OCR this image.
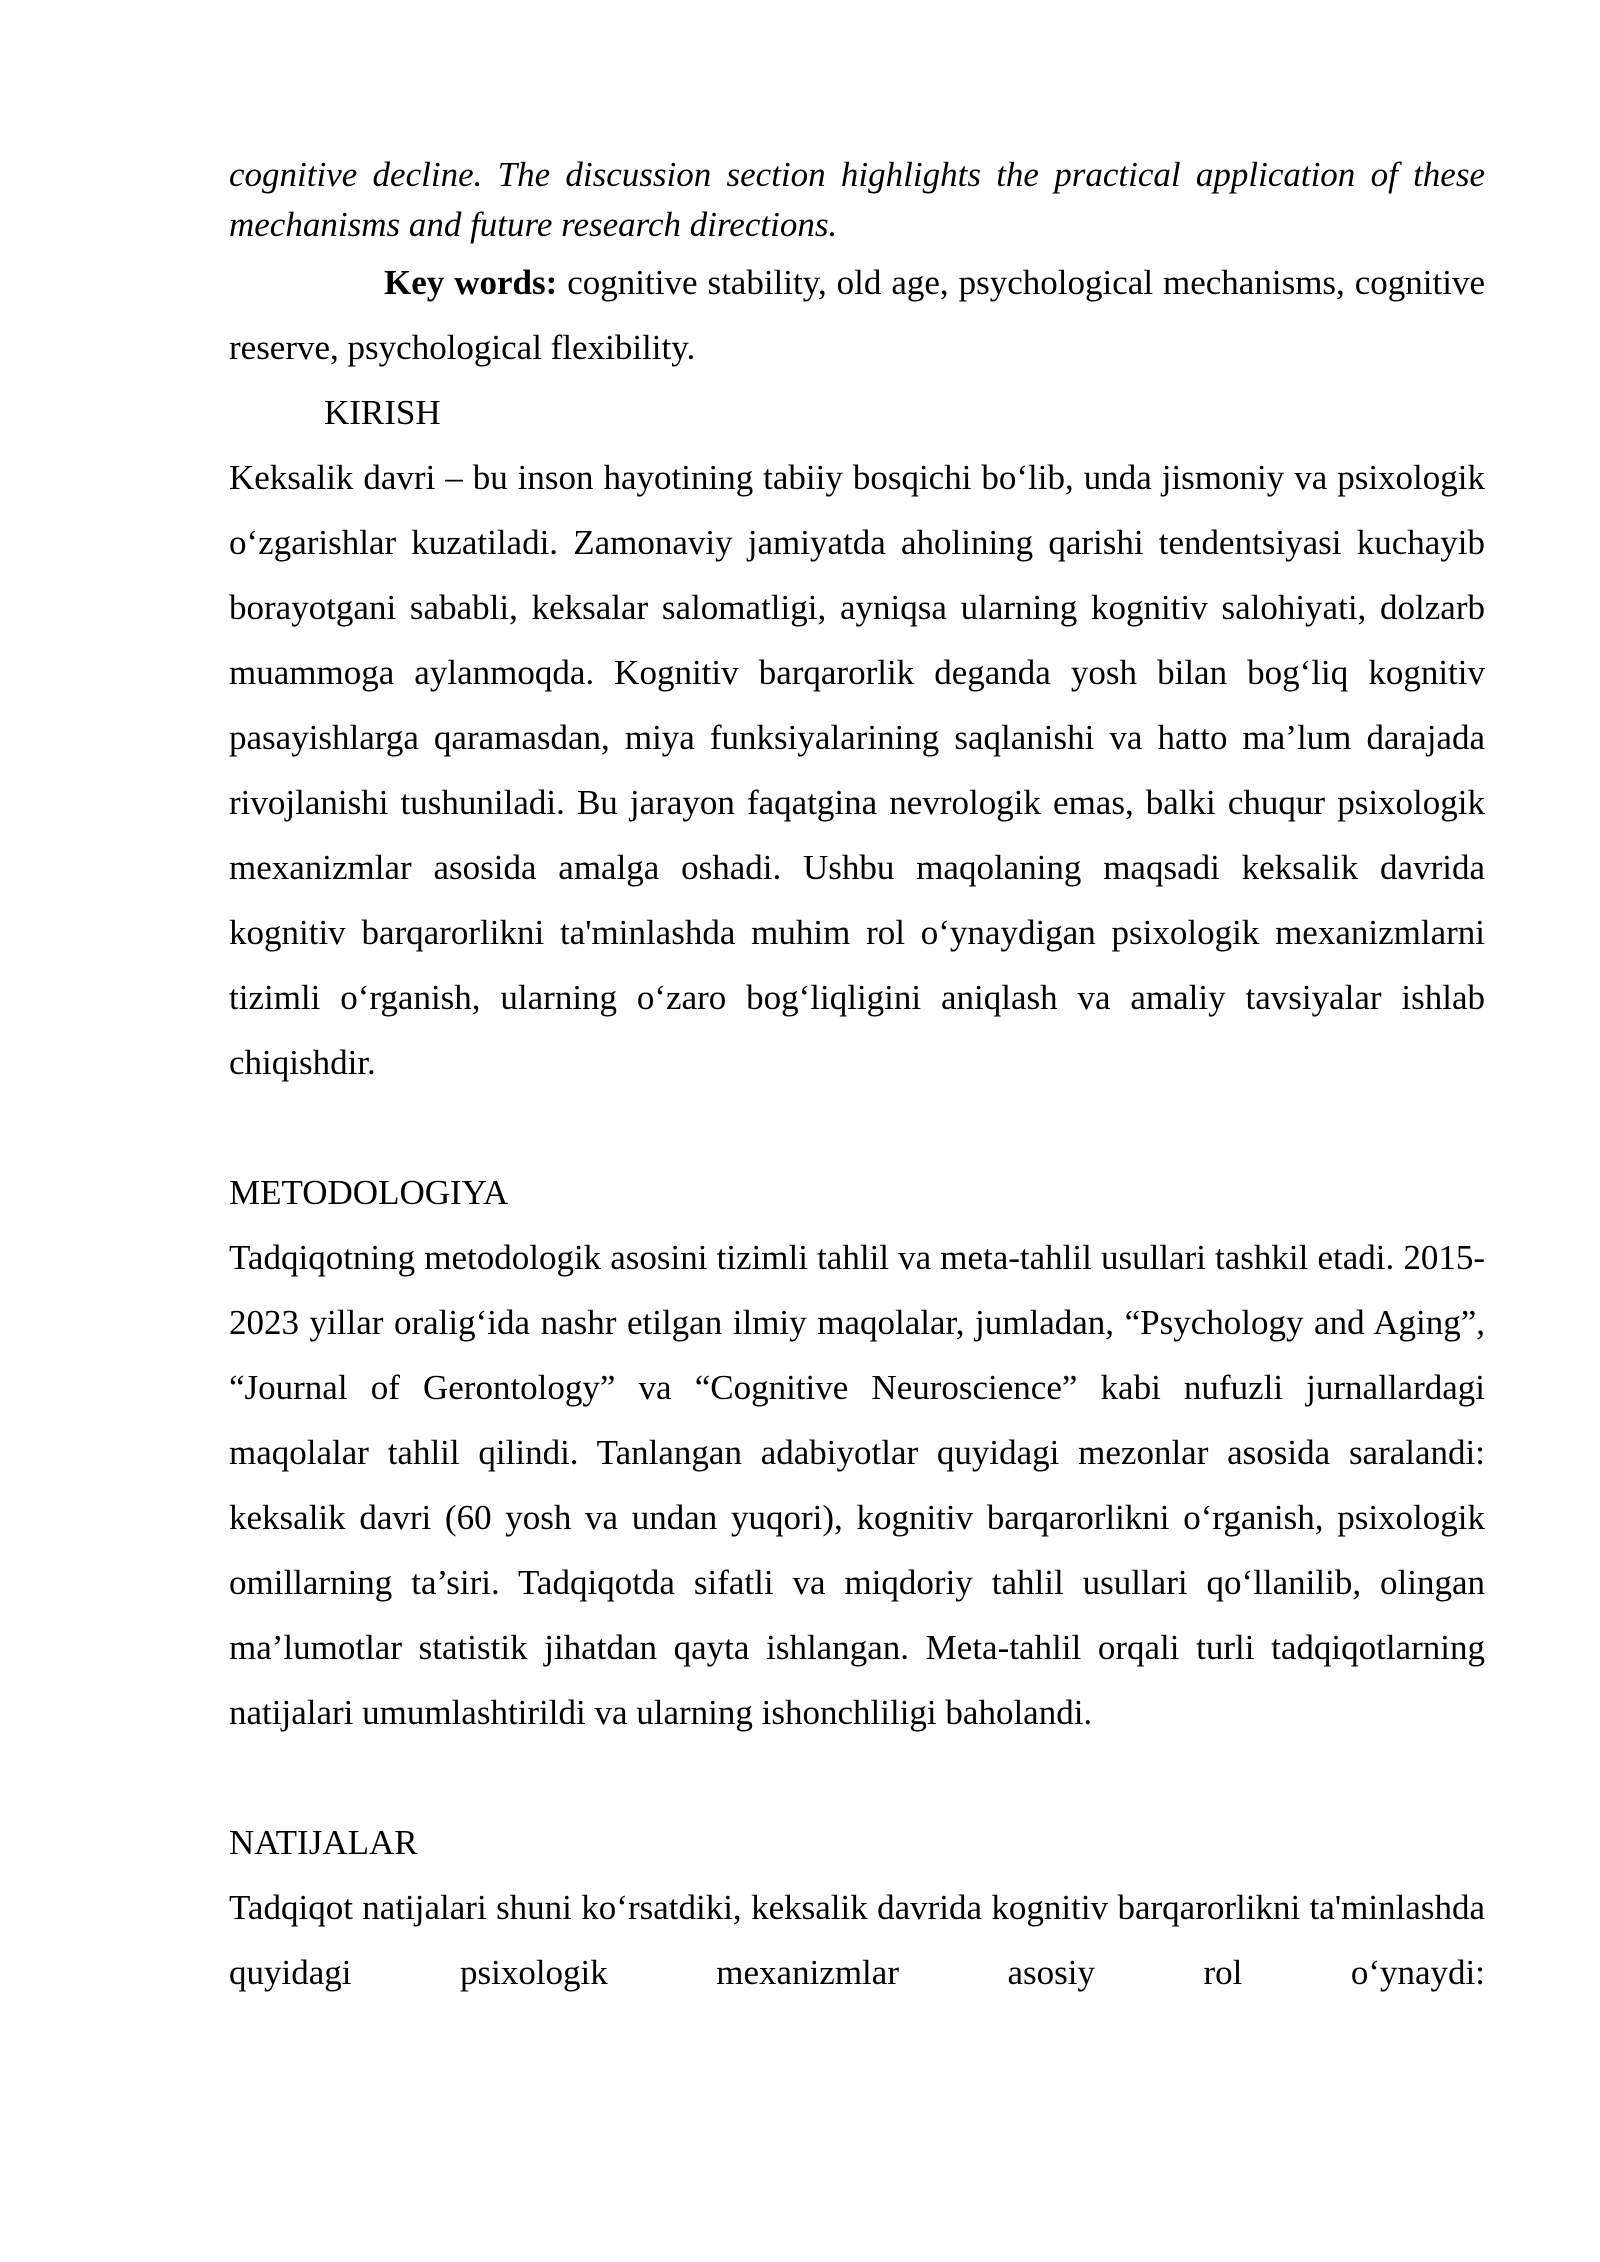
cognitive decline. The discussion section highlights the practical application of these mechanisms and future research directions.

Key words: cognitive stability, old age, psychological mechanisms, cognitive reserve, psychological flexibility.

KIRISH

Keksalik davri – bu inson hayotining tabiiy bosqichi bo‘lib, unda jismoniy va psixologik o‘zgarishlar kuzatiladi. Zamonaviy jamiyatda aholining qarishi tendentsiyasi kuchayib borayotgani sababli, keksalar salomatligi, ayniqsa ularning kognitiv salohiyati, dolzarb muammoga aylanmoqda. Kognitiv barqarorlik deganda yosh bilan bog‘liq kognitiv pasayishlarga qaramasdan, miya funksiyalarining saqlanishi va hatto ma’lum darajada rivojlanishi tushuniladi. Bu jarayon faqatgina nevrologik emas, balki chuqur psixologik mexanizmlar asosida amalga oshadi. Ushbu maqolaning maqsadi keksalik davrida kognitiv barqarorlikni ta'minlashda muhim rol o‘ynaydigan psixologik mexanizmlarni tizimli o‘rganish, ularning o‘zaro bog‘liqligini aniqlash va amaliy tavsiyalar ishlab chiqishdir.

METODOLOGIYA

Tadqiqotning metodologik asosini tizimli tahlil va meta-tahlil usullari tashkil etadi. 2015-2023 yillar oralig‘ida nashr etilgan ilmiy maqolalar, jumladan, “Psychology and Aging”, “Journal of Gerontology” va “Cognitive Neuroscience” kabi nufuzli jurnallardagi maqolalar tahlil qilindi. Tanlangan adabiyotlar quyidagi mezonlar asosida saralandi: keksalik davri (60 yosh va undan yuqori), kognitiv barqarorlikni o‘rganish, psixologik omillarning ta’siri. Tadqiqotda sifatli va miqdoriy tahlil usullari qo‘llanilib, olingan ma’lumotlar statistik jihatdan qayta ishlangan. Meta-tahlil orqali turli tadqiqotlarning natijalari umumlashtirildi va ularning ishonchliligi baholandi.

NATIJALAR

Tadqiqot natijalari shuni ko‘rsatdiki, keksalik davrida kognitiv barqarorlikni ta'minlashda quyidagi psixologik mexanizmlar asosiy rol o‘ynaydi:
